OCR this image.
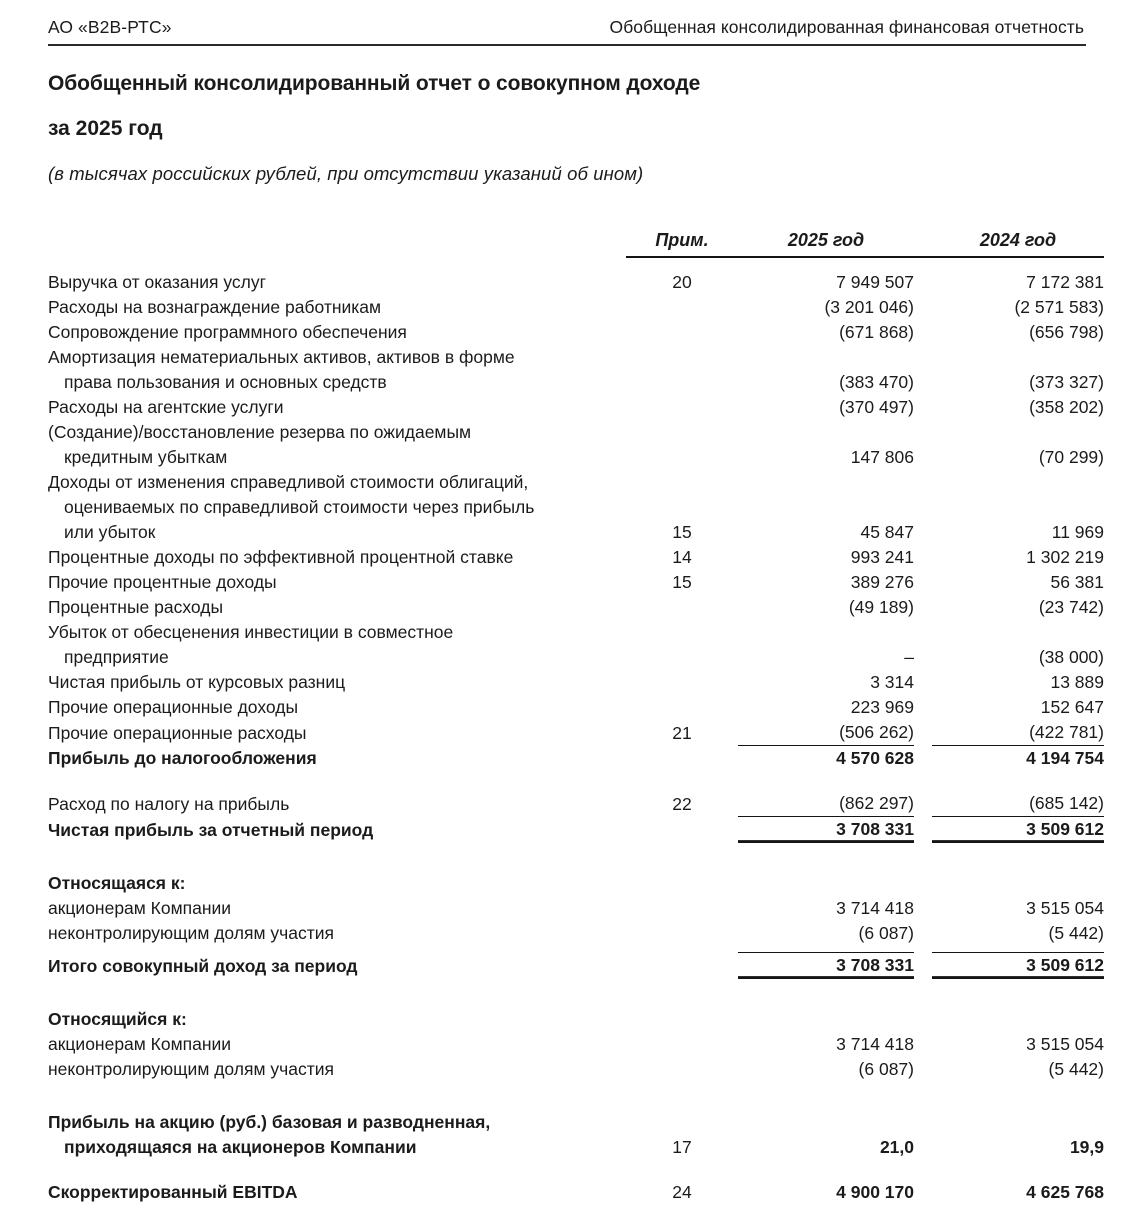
АО «В2В-РТС»	Обобщенная консолидированная финансовая отчетность
Обобщенный консолидированный отчет о совокупном доходе
за 2025 год
(в тысячах российских рублей, при отсутствии указаний об ином)
	Прим.	2025 год		2024 год

Выручка от оказания услуг	20	7 949 507		7 172 381
Расходы на вознаграждение работникам		(3 201 046)		(2 571 583)
Сопровождение программного обеспечения		(671 868)		(656 798)
Амортизация нематериальных активов, активов в форме				
права пользования и основных средств		(383 470)		(373 327)
Расходы на агентские услуги		(370 497)		(358 202)
(Создание)/восстановление резерва по ожидаемым				
кредитным убыткам		147 806		(70 299)
Доходы от изменения справедливой стоимости облигаций,				
оцениваемых по справедливой стоимости через прибыль				
или убыток	15	45 847		11 969
Процентные доходы по эффективной процентной ставке	14	993 241		1 302 219
Прочие процентные доходы	15	389 276		56 381
Процентные расходы		(49 189)		(23 742)
Убыток от обесценения инвестиции в совместное				
предприятие		–		(38 000)
Чистая прибыль от курсовых разниц		3 314		13 889
Прочие операционные доходы		223 969		152 647
Прочие операционные расходы	21	(506 262)		(422 781)
Прибыль до налогообложения		4 570 628		4 194 754

Расход по налогу на прибыль	22	(862 297)		(685 142)
Чистая прибыль за отчетный период		3 708 331		3 509 612

Относящаяся к:				
акционерам Компании		3 714 418		3 515 054
неконтролирующим долям участия		(6 087)		(5 442)

Итого совокупный доход за период		3 708 331		3 509 612

Относящийся к:				
акционерам Компании		3 714 418		3 515 054
неконтролирующим долям участия		(6 087)		(5 442)

Прибыль на акцию (руб.) базовая и разводненная,				
приходящаяся на акционеров Компании	17	21,0		19,9

Скорректированный EBITDA	24	4 900 170		4 625 768
